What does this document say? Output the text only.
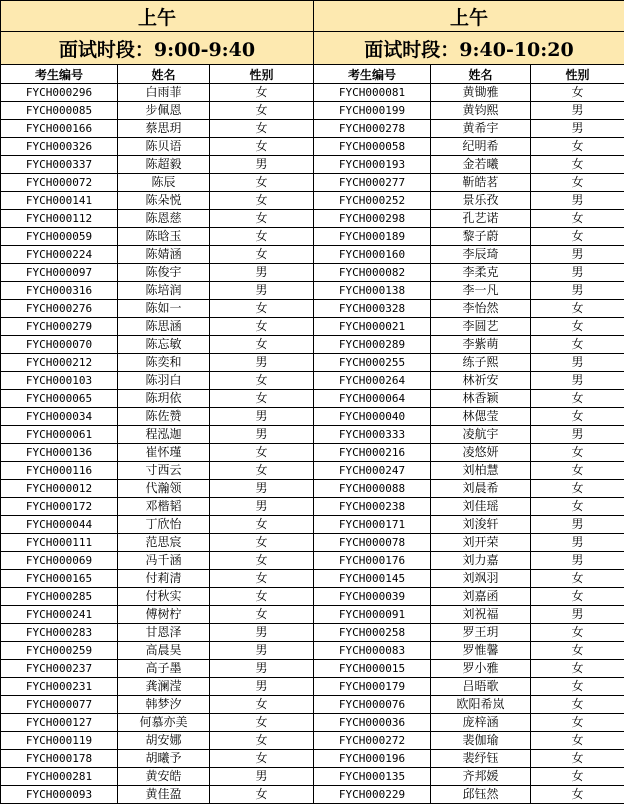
上午		
面试时段：9:00-9:40		
考生编号	姓名	性别
FYCH000296	白雨菲	女
FYCH000085	步佩恩	女
FYCH000166	蔡思玥	女
FYCH000326	陈贝语	女
FYCH000337	陈超毅	男
FYCH000072	陈辰	女
FYCH000141	陈朵悦	女
FYCH000112	陈恩慈	女
FYCH000059	陈晗玉	女
FYCH000224	陈婧涵	女
FYCH000097	陈俊宇	男
FYCH000316	陈培润	男
FYCH000276	陈如一	女
FYCH000279	陈思涵	女
FYCH000070	陈忘敏	女
FYCH000212	陈奕和	男
FYCH000103	陈羽白	女
FYCH000065	陈玥依	女
FYCH000034	陈佐赞	男
FYCH000061	程泓迦	男
FYCH000136	崔怀瑾	女
FYCH000116	寸西云	女
FYCH000012	代瀚领	男
FYCH000172	邓楷韬	男
FYCH000044	丁欣怡	女
FYCH000111	范思宸	女
FYCH000069	冯千涵	女
FYCH000165	付莉清	女
FYCH000285	付秋实	女
FYCH000241	傅树柠	女
FYCH000283	甘恩泽	男
FYCH000259	高晨昊	男
FYCH000237	高子墨	男
FYCH000231	龚澜滢	男
FYCH000077	韩梦汐	女
FYCH000127	何慕亦美	女
FYCH000119	胡安娜	女
FYCH000178	胡曦予	女
FYCH000281	黄安皓	男
FYCH000093	黄佳盈	女
上午		
面试时段：9:40-10:20		
考生编号	姓名	性别
FYCH000081	黄锄雅	女
FYCH000199	黄钧熙	男
FYCH000278	黄希宇	男
FYCH000058	纪明希	女
FYCH000193	金若曦	女
FYCH000277	靳皓茗	女
FYCH000252	景乐孜	男
FYCH000298	孔艺诺	女
FYCH000189	黎子蔚	女
FYCH000160	李辰琦	男
FYCH000082	李柔克	男
FYCH000138	李一凡	男
FYCH000328	李怡然	女
FYCH000021	李圆艺	女
FYCH000289	李紫萌	女
FYCH000255	练子熙	男
FYCH000264	林祈安	男
FYCH000064	林香颖	女
FYCH000040	林偲莹	女
FYCH000333	凌航宇	男
FYCH000216	凌悠妍	女
FYCH000247	刘柏慧	女
FYCH000088	刘晨希	女
FYCH000238	刘佳瑶	女
FYCH000171	刘浚轩	男
FYCH000078	刘开荣	男
FYCH000176	刘力嘉	男
FYCH000145	刘飒羽	女
FYCH000039	刘嘉函	女
FYCH000091	刘祝福	男
FYCH000258	罗王玥	女
FYCH000083	罗惟馨	女
FYCH000015	罗小雅	女
FYCH000179	吕晤歌	女
FYCH000076	欧阳希岚	女
FYCH000036	庞梓涵	女
FYCH000272	裴伽瑜	女
FYCH000196	裴纾钰	女
FYCH000135	齐邦媛	女
FYCH000229	邱钰然	女
